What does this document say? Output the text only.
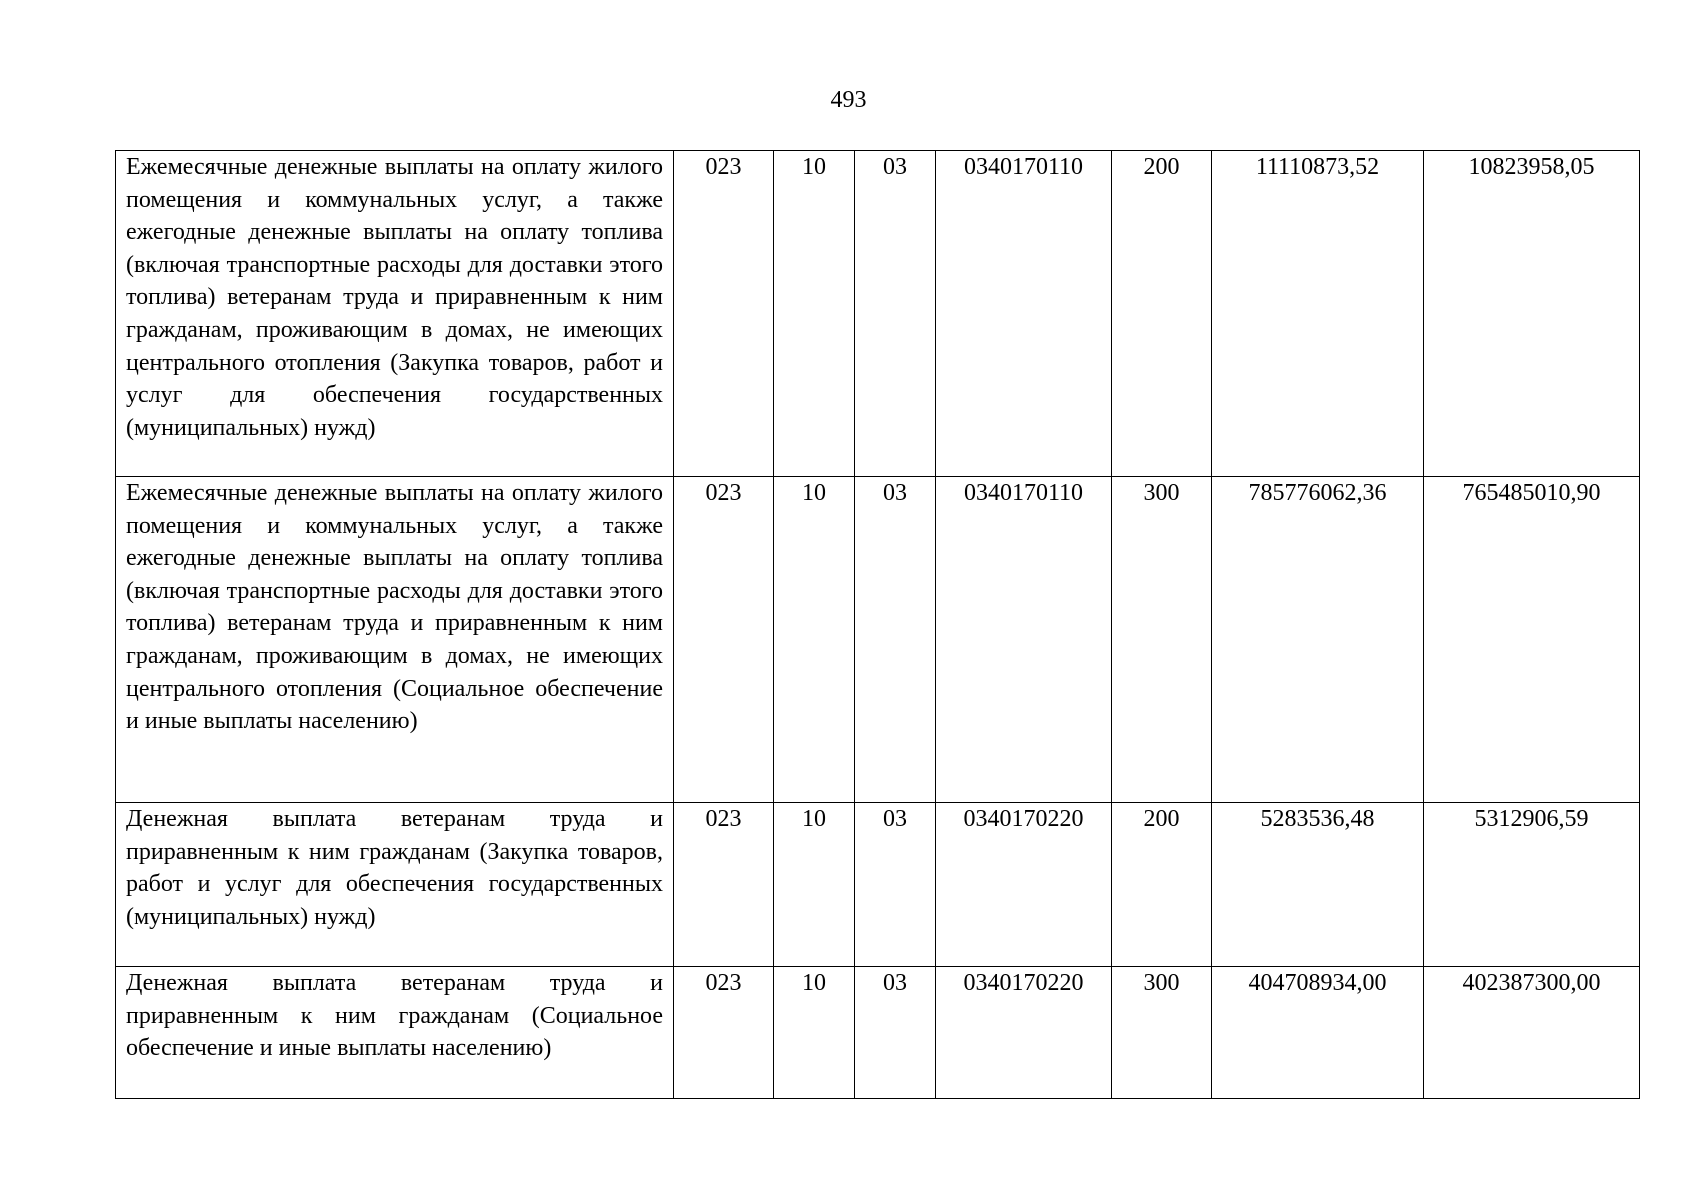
493
Ежемесячные денежные выплаты на оплату жилого помещения и коммунальных услуг, а также ежегодные денежные выплаты на оплату топлива (включая транспортные расходы для доставки этого топлива) ветеранам труда и приравненным к ним гражданам, проживающим в домах, не имеющих центрального отопления (Закупка товаров, работ и услуг для обеспечения государственных (муниципальных) нужд)	023	10	03	0340170110	200	11110873,52	10823958,05
Ежемесячные денежные выплаты на оплату жилого помещения и коммунальных услуг, а также ежегодные денежные выплаты на оплату топлива (включая транспортные расходы для доставки этого топлива) ветеранам труда и приравненным к ним гражданам, проживающим в домах, не имеющих центрального отопления (Социальное обеспечение и иные выплаты населению)	023	10	03	0340170110	300	785776062,36	765485010,90
Денежная выплата ветеранам труда и приравненным к ним гражданам (Закупка товаров, работ и услуг для обеспечения государственных (муниципальных) нужд)	023	10	03	0340170220	200	5283536,48	5312906,59
Денежная выплата ветеранам труда и приравненным к ним гражданам (Социальное обеспечение и иные выплаты населению)	023	10	03	0340170220	300	404708934,00	402387300,00
